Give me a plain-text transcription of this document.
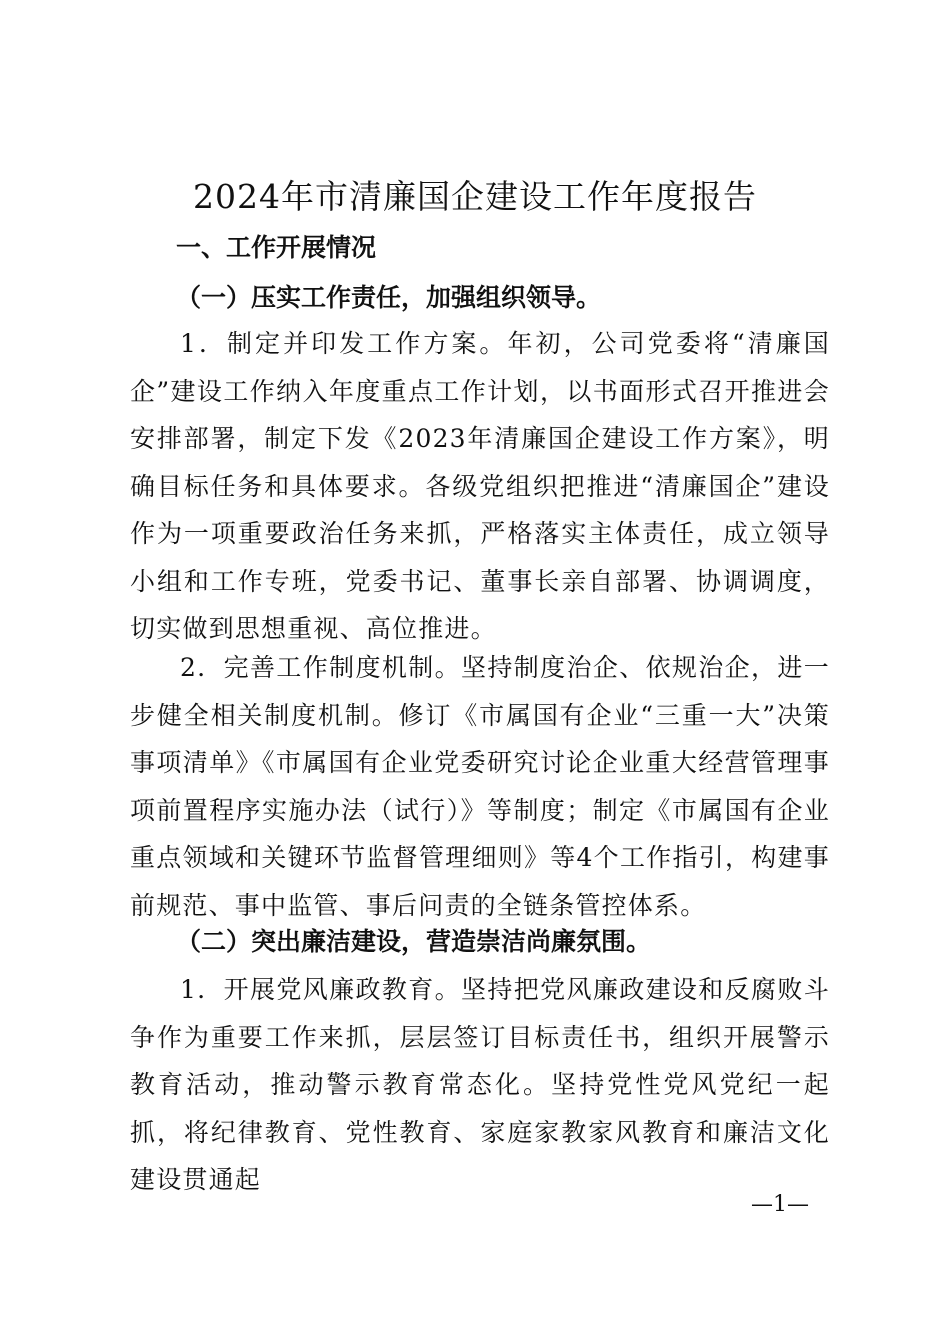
2024年市清廉国企建设工作年度报告
一、工作开展情况
（一）压实工作责任，加强组织领导。

1．制定并印发工作方案。年初，公司党委将“清廉国企”建设工作纳入年度重点工作计划，以书面形式召开推进会安排部署，制定下发《2023年清廉国企建设工作方案》，明确目标任务和具体要求。各级党组织把推进“清廉国企”建设作为一项重要政治任务来抓，严格落实主体责任，成立领导小组和工作专班，党委书记、董事长亲自部署、协调调度，切实做到思想重视、高位推进。

2．完善工作制度机制。坚持制度治企、依规治企，进一步健全相关制度机制。修订《市属国有企业“三重一大”决策事项清单》《市属国有企业党委研究讨论企业重大经营管理事项前置程序实施办法（试行）》等制度；制定《市属国有企业重点领域和关键环节监督管理细则》等4个工作指引，构建事前规范、事中监管、事后问责的全链条管控体系。

（二）突出廉洁建设，营造崇洁尚廉氛围。

1．开展党风廉政教育。坚持把党风廉政建设和反腐败斗争作为重要工作来抓，层层签订目标责任书，组织开展警示教育活动，推动警示教育常态化。坚持党性党风党纪一起抓，将纪律教育、党性教育、家庭家教家风教育和廉洁文化建设贯通起

—1—
